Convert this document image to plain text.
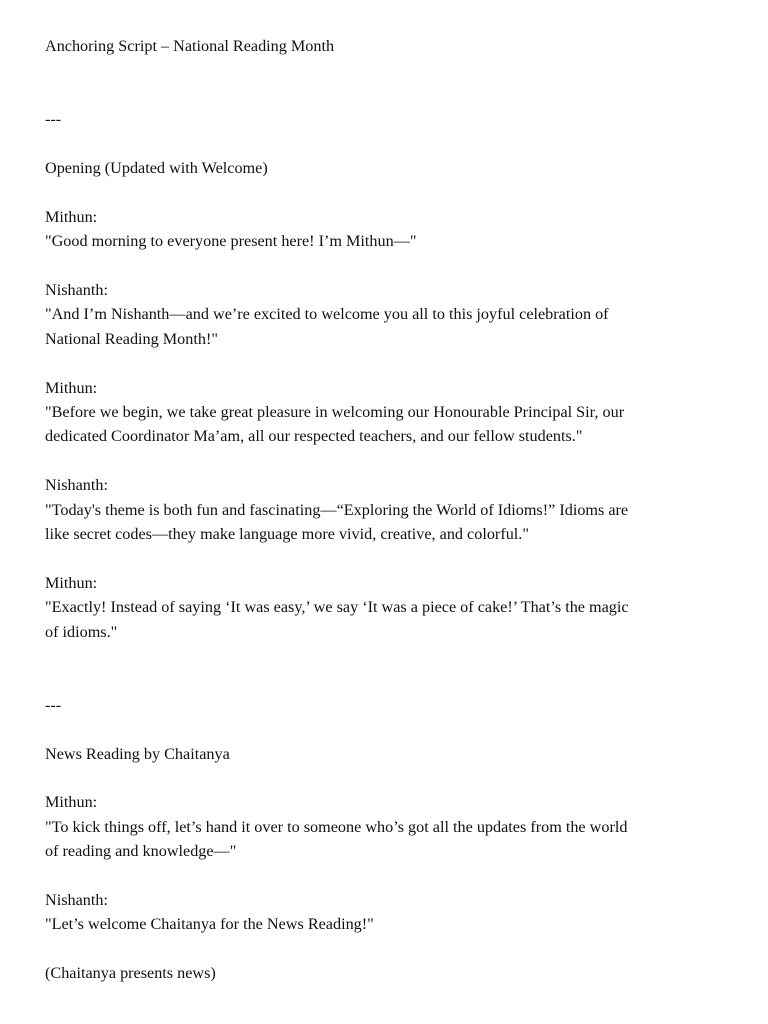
Anchoring Script – National Reading Month

---

Opening (Updated with Welcome)

Mithun:

"Good morning to everyone present here! I’m Mithun—"

Nishanth:

"And I’m Nishanth—and we’re excited to welcome you all to this joyful celebration of

National Reading Month!"

Mithun:

"Before we begin, we take great pleasure in welcoming our Honourable Principal Sir, our

dedicated Coordinator Ma’am, all our respected teachers, and our fellow students."

Nishanth:

"Today's theme is both fun and fascinating—“Exploring the World of Idioms!” Idioms are

like secret codes—they make language more vivid, creative, and colorful."

Mithun:

"Exactly! Instead of saying ‘It was easy,’ we say ‘It was a piece of cake!’ That’s the magic

of idioms."

---

News Reading by Chaitanya

Mithun:

"To kick things off, let’s hand it over to someone who’s got all the updates from the world

of reading and knowledge—"

Nishanth:

"Let’s welcome Chaitanya for the News Reading!"

(Chaitanya presents news)
